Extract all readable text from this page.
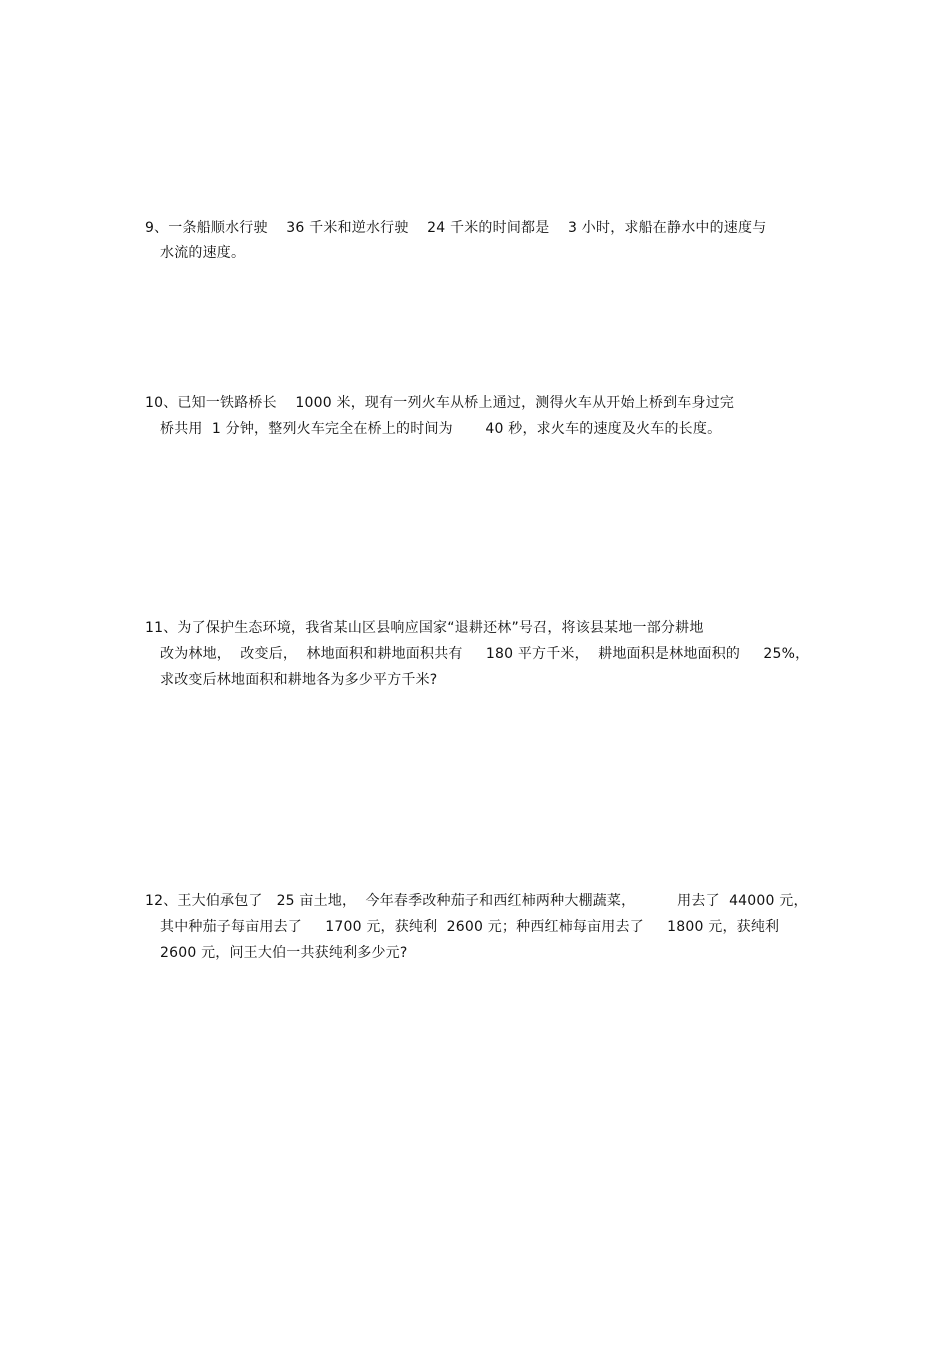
9、一条船顺水行驶    36 千米和逆水行驶    24 千米的时间都是    3 小时，求船在静水中的速度与
水流的速度。
10、已知一铁路桥长    1000 米，现有一列火车从桥上通过，测得火车从开始上桥到车身过完
桥共用  1 分钟，整列火车完全在桥上的时间为       40 秒，求火车的速度及火车的长度。
11、为了保护生态环境，我省某山区县响应国家“退耕还林”号召，将该县某地一部分耕地
改为林地，  改变后，  林地面积和耕地面积共有     180 平方千米，  耕地面积是林地面积的     25%，
求改变后林地面积和耕地各为多少平方千米?
12、王大伯承包了   25 亩土地，  今年春季改种茄子和西红柿两种大棚蔬菜，         用去了  44000 元，
其中种茄子每亩用去了     1700 元，获纯利  2600 元；种西红柿每亩用去了     1800 元，获纯利
2600 元，问王大伯一共获纯利多少元?
